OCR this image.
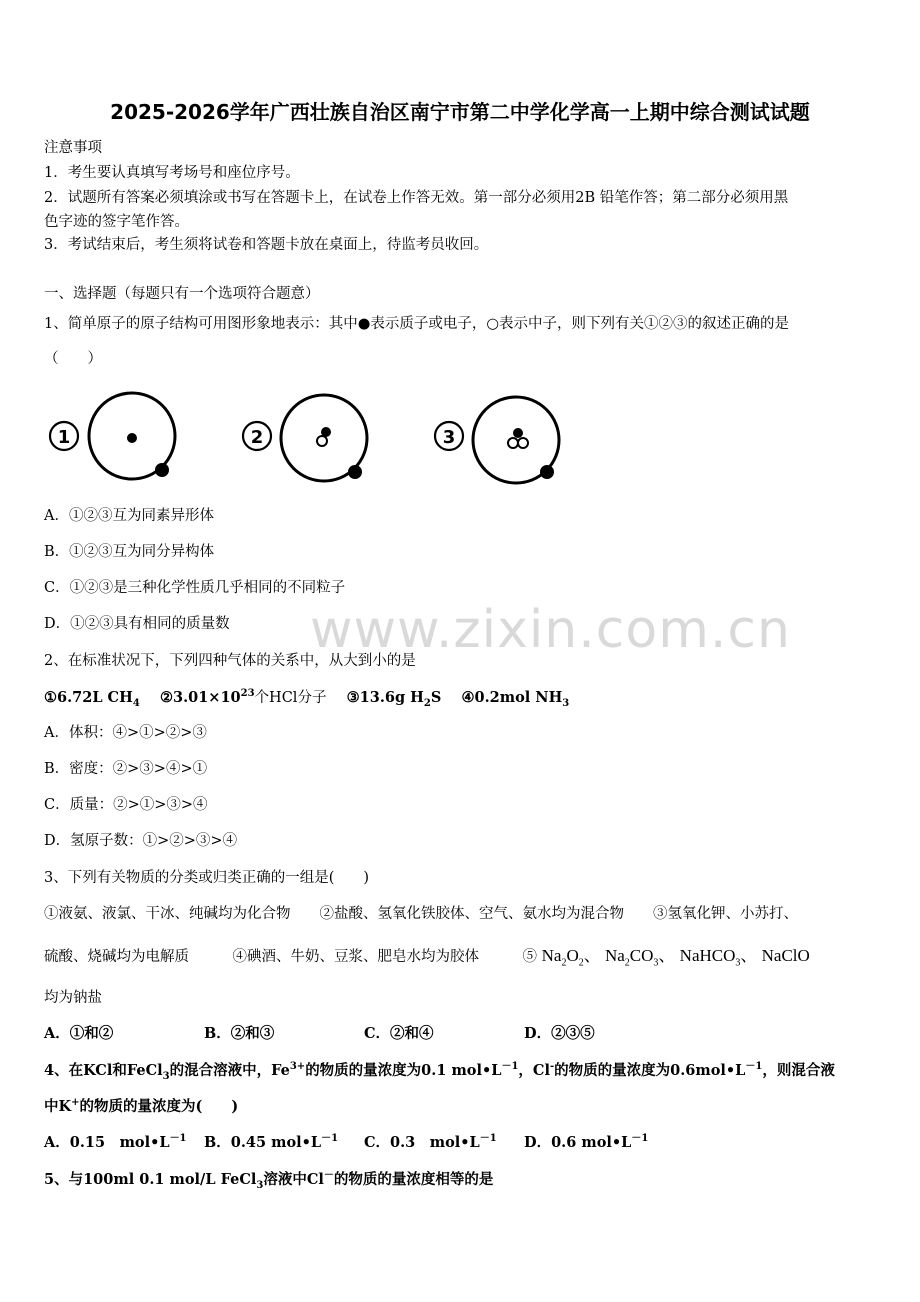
www.zixin.com.cn
2025-2026学年广西壮族自治区南宁市第二中学化学高一上期中综合测试试题
注意事项
1．考生要认真填写考场号和座位序号。
2．试题所有答案必须填涂或书写在答题卡上，在试卷上作答无效。第一部分必须用2B 铅笔作答；第二部分必须用黑
色字迹的签字笔作答。
3．考试结束后，考生须将试卷和答题卡放在桌面上，待监考员收回。
一、选择题（每题只有一个选项符合题意）
1、简单原子的原子结构可用图形象地表示：其中●表示质子或电子，○表示中子，则下列有关①②③的叙述正确的是
（　　）
1	2	3
A．①②③互为同素异形体
B．①②③互为同分异构体
C．①②③是三种化学性质几乎相同的不同粒子
D．①②③具有相同的质量数
2、在标准状况下，下列四种气体的关系中，从大到小的是
①6.72L $CH_4$ $②3.01\times 10^{23}$个HCl分子 ③13.6g $H_2S$ ④0.2mol $NH_3$
A．体积：④>①>②>③
B．密度：②>③>④>①
C．质量：②>①>③>④
D．氢原子数：①>②>③>④
3、下列有关物质的分类或归类正确的一组是(　　)
①液氨、液氯、干冰、纯碱均为化合物　　②盐酸、氢氧化铁胶体、空气、氨水均为混合物　　③氢氧化钾、小苏打、
硫酸、烧碱均为电解质　　　④碘酒、牛奶、豆浆、肥皂水均为胶体　　　⑤ $Na_2O_2$、 $Na_2CO_3$、 NaHCO$_3$、 NaClO
均为钠盐
A．①和②	B．②和③	C．②和④	D．②③⑤
4、在KCl和FeCl$_3$的混合溶液中，$Fe^{3+}$的物质的量浓度为0.1 $mol•L^{-1}$，Cl-的物质的量浓度为$0.6mol•L^{-1}$，则混合液
中K+的物质的量浓度为(　　)
A．0.15　$mol•L^{-1}$ B．0.45 $mol•L^{-1}$ C．0.3　$mol•L^{-1}$ D．0.6 $mol•L^{-1}$
5、与100ml 0.1 mol/L FeCl$_3$溶液中Cl－的物质的量浓度相等的是
